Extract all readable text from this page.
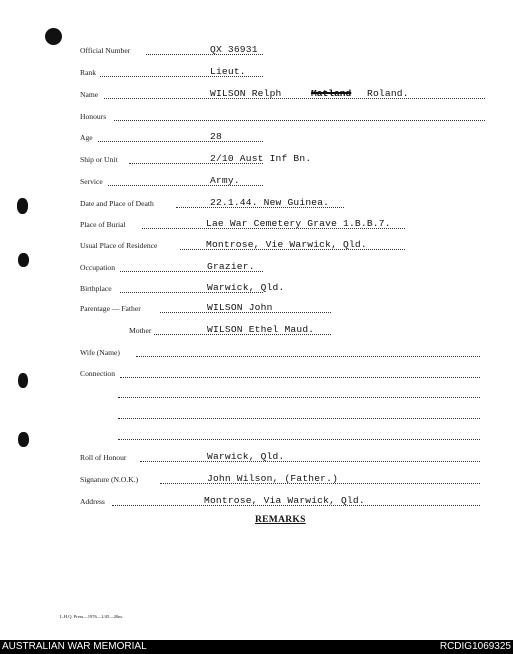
Official Number	QX 36931
Rank	Lieut.
Name	WILSON Relph	Matland Roland.
Honours
Age	28
Ship or Unit	2/10 Aust Inf Bn.
Service	Army.
Date and Place of Death	22.1.44. New Guinea.
Place of Burial	Lae War Cemetery Grave 1.B.B.7.
Usual Place of Residence	Montrose, Vie Warwick, Qld.
Occupation	Grazier.
Birthplace	Warwick, Qld.
Parentage — Father	WILSON John
Mother	WILSON Ethel Maud.
Wife (Name)
Connection
Roll of Honour	Warwick, Qld.
Signature (N.O.K.)	John Wilson, (Father.)
Address	Montrose, Via Warwick, Qld.
REMARKS
L.H.Q. Press—1976—1/45—20m.
AUSTRALIAN WAR MEMORIAL	RCDIG1069325
